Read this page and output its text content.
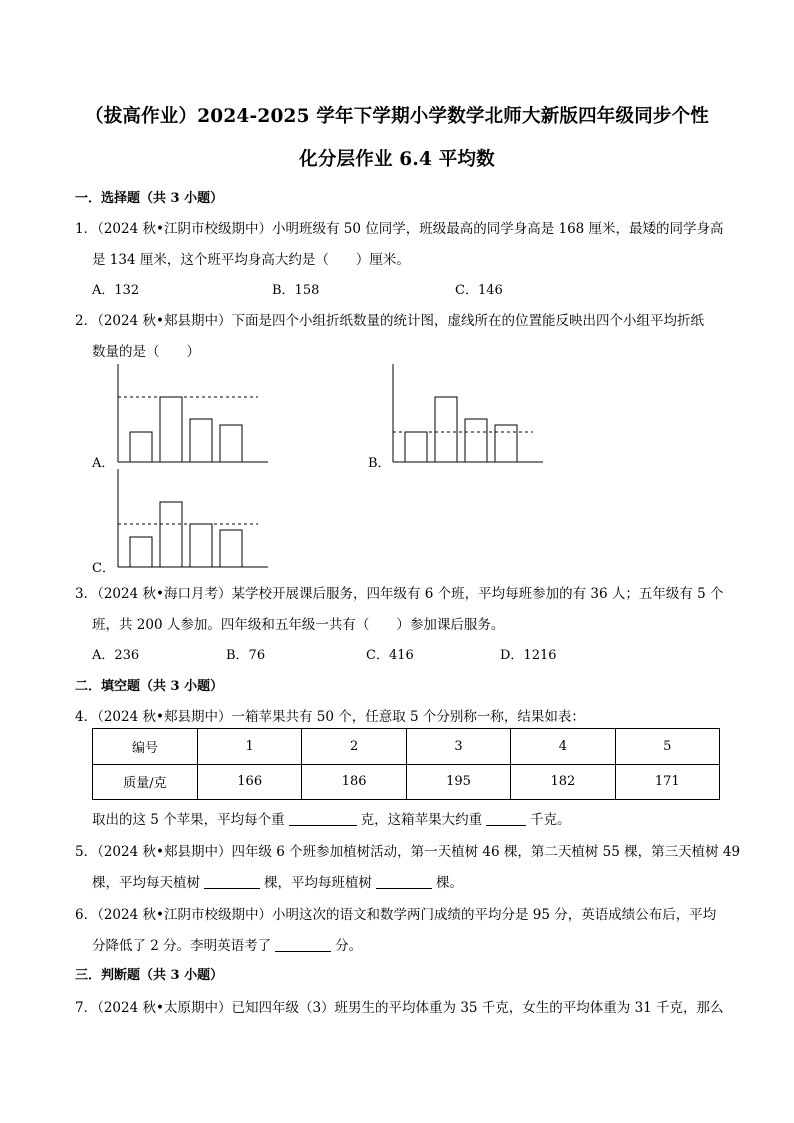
（拔高作业）2024-2025 学年下学期小学数学北师大新版四年级同步个性
化分层作业 6.4 平均数
一．选择题（共 3 小题）
1．（2024 秋•江阴市校级期中）小明班级有 50 位同学，班级最高的同学身高是 168 厘米，最矮的同学身高
是 134 厘米，这个班平均身高大约是（　　）厘米。
A．132	B．158	C．146
2．（2024 秋•郏县期中）下面是四个小组折纸数量的统计图，虚线所在的位置能反映出四个小组平均折纸
数量的是（　　）
A．	B．
C．
3．（2024 秋•海口月考）某学校开展课后服务，四年级有 6 个班，平均每班参加的有 36 人；五年级有 5 个
班，共 200 人参加。四年级和五年级一共有（　　）参加课后服务。
A．236	B．76	C．416	D．1216
二．填空题（共 3 小题）
4．（2024 秋•郏县期中）一箱苹果共有 50 个，任意取 5 个分别称一称，结果如表：
编号	1	2	3	4	5
质量/克	166	186	195	182	171
取出的这 5 个苹果，平均每个重	克，这箱苹果大约重	千克。
5．（2024 秋•郏县期中）四年级 6 个班参加植树活动，第一天植树 46 棵，第二天植树 55 棵，第三天植树 49
棵，平均每天植树	棵，平均每班植树	棵。
6．（2024 秋•江阴市校级期中）小明这次的语文和数学两门成绩的平均分是 95 分，英语成绩公布后，平均
分降低了 2 分。李明英语考了	分。
三．判断题（共 3 小题）
7．（2024 秋•太原期中）已知四年级（3）班男生的平均体重为 35 千克，女生的平均体重为 31 千克，那么
